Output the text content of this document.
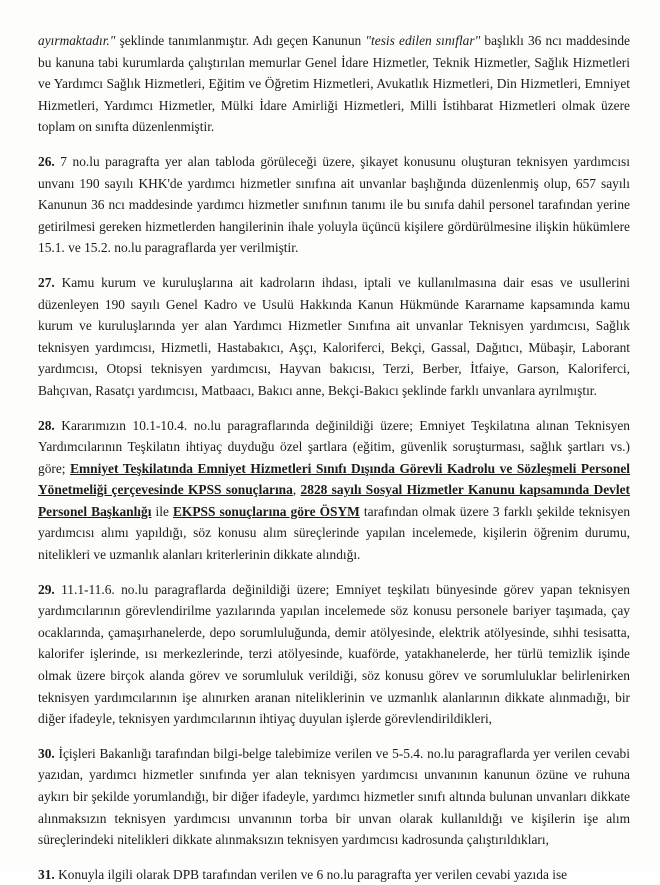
ayırmaktadır." şeklinde tanımlanmıştır. Adı geçen Kanunun "tesis edilen sınıflar" başlıklı 36 ncı maddesinde bu kanuna tabi kurumlarda çalıştırılan memurlar Genel İdare Hizmetler, Teknik Hizmetler, Sağlık Hizmetleri ve Yardımcı Sağlık Hizmetleri, Eğitim ve Öğretim Hizmetleri, Avukatlık Hizmetleri, Din Hizmetleri, Emniyet Hizmetleri, Yardımcı Hizmetler, Mülki İdare Amirliği Hizmetleri, Milli İstihbarat Hizmetleri olmak üzere toplam on sınıfta düzenlenmiştir.

26. 7 no.lu paragrafta yer alan tabloda görüleceği üzere, şikayet konusunu oluşturan teknisyen yardımcısı unvanı 190 sayılı KHK'de yardımcı hizmetler sınıfına ait unvanlar başlığında düzenlenmiş olup, 657 sayılı Kanunun 36 ncı maddesinde yardımcı hizmetler sınıfının tanımı ile bu sınıfa dahil personel tarafından yerine getirilmesi gereken hizmetlerden hangilerinin ihale yoluyla üçüncü kişilere gördürülmesine ilişkin hükümlere 15.1. ve 15.2. no.lu paragraflarda yer verilmiştir.

27. Kamu kurum ve kuruluşlarına ait kadroların ihdası, iptali ve kullanılmasına dair esas ve usullerini düzenleyen 190 sayılı Genel Kadro ve Usulü Hakkında Kanun Hükmünde Kararname kapsamında kamu kurum ve kuruluşlarında yer alan Yardımcı Hizmetler Sınıfına ait unvanlar Teknisyen yardımcısı, Sağlık teknisyen yardımcısı, Hizmetli, Hastabakıcı, Aşçı, Kaloriferci, Bekçi, Gassal, Dağıtıcı, Mübaşir, Laborant yardımcısı, Otopsi teknisyen yardımcısı, Hayvan bakıcısı, Terzi, Berber, İtfaiye, Garson, Kaloriferci, Bahçıvan, Rasatçı yardımcısı, Matbaacı, Bakıcı anne, Bekçi-Bakıcı şeklinde farklı unvanlara ayrılmıştır.

28. Kararımızın 10.1-10.4. no.lu paragraflarında değinildiği üzere; Emniyet Teşkilatına alınan Teknisyen Yardımcılarının Teşkilatın ihtiyaç duyduğu özel şartlara (eğitim, güvenlik soruşturması, sağlık şartları vs.) göre; Emniyet Teşkilatında Emniyet Hizmetleri Sınıfı Dışında Görevli Kadrolu ve Sözleşmeli Personel Yönetmeliği çerçevesinde KPSS sonuçlarına, 2828 sayılı Sosyal Hizmetler Kanunu kapsamında Devlet Personel Başkanlığı ile EKPSS sonuçlarına göre ÖSYM tarafından olmak üzere 3 farklı şekilde teknisyen yardımcısı alımı yapıldığı, söz konusu alım süreçlerinde yapılan incelemede, kişilerin öğrenim durumu, nitelikleri ve uzmanlık alanları kriterlerinin dikkate alındığı.

29. 11.1-11.6. no.lu paragraflarda değinildiği üzere; Emniyet teşkilatı bünyesinde görev yapan teknisyen yardımcılarının görevlendirilme yazılarında yapılan incelemede söz konusu personele bariyer taşımada, çay ocaklarında, çamaşırhanelerde, depo sorumluluğunda, demir atölyesinde, elektrik atölyesinde, sıhhi tesisatta, kalorifer işlerinde, ısı merkezlerinde, terzi atölyesinde, kuaförde, yatakhanelerde, her türlü temizlik işinde olmak üzere birçok alanda görev ve sorumluluk verildiği, söz konusu görev ve sorumluluklar belirlenirken teknisyen yardımcılarının işe alınırken aranan niteliklerinin ve uzmanlık alanlarının dikkate alınmadığı, bir diğer ifadeyle, teknisyen yardımcılarının ihtiyaç duyulan işlerde görevlendirildikleri,

30. İçişleri Bakanlığı tarafından bilgi-belge talebimize verilen ve 5-5.4. no.lu paragraflarda yer verilen cevabi yazıdan, yardımcı hizmetler sınıfında yer alan teknisyen yardımcısı unvanının kanunun özüne ve ruhuna aykırı bir şekilde yorumlandığı, bir diğer ifadeyle, yardımcı hizmetler sınıfı altında bulunan unvanları dikkate alınmaksızın teknisyen yardımcısı unvanının torba bir unvan olarak kullanıldığı ve kişilerin işe alım süreçlerindeki nitelikleri dikkate alınmaksızın teknisyen yardımcısı kadrosunda çalıştırıldıkları,

31. Konuyla ilgili olarak DPB tarafından verilen ve 6 no.lu paragrafta yer verilen cevabi yazıda ise
